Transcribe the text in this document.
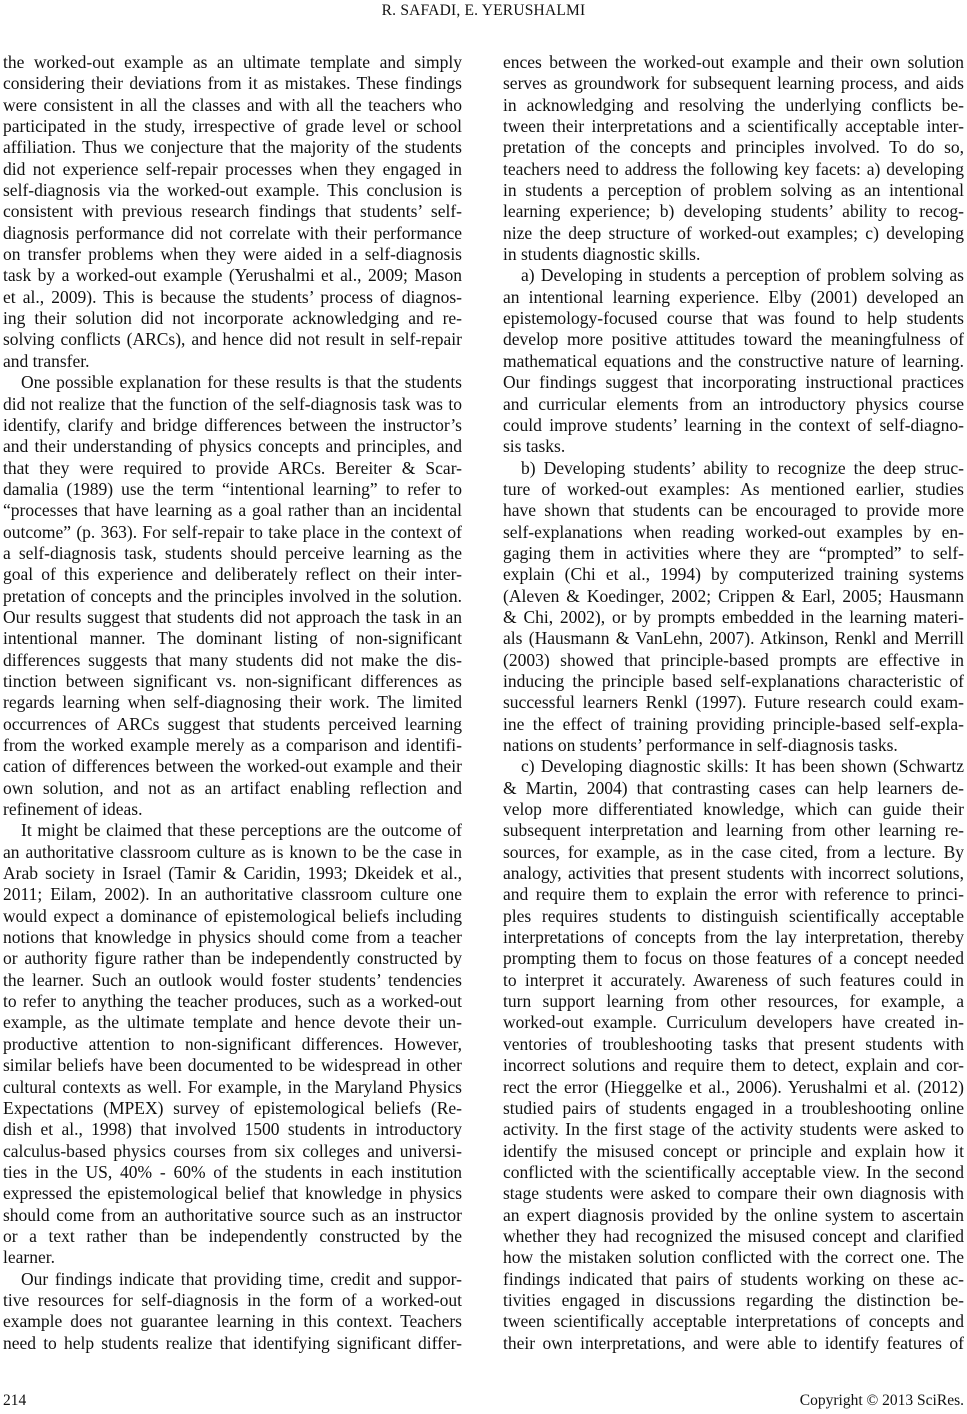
R. SAFADI, E. YERUSHALMI
the worked-out example as an ultimate template and simply
considering their deviations from it as mistakes. These findings
were consistent in all the classes and with all the teachers who
participated in the study, irrespective of grade level or school
affiliation. Thus we conjecture that the majority of the students
did not experience self-repair processes when they engaged in
self-diagnosis via the worked-out example. This conclusion is
consistent with previous research findings that students’ self-
diagnosis performance did not correlate with their performance
on transfer problems when they were aided in a self-diagnosis
task by a worked-out example (Yerushalmi et al., 2009; Mason
et al., 2009). This is because the students’ process of diagnos-
ing their solution did not incorporate acknowledging and re-
solving conflicts (ARCs), and hence did not result in self-repair
and transfer.
One possible explanation for these results is that the students
did not realize that the function of the self-diagnosis task was to
identify, clarify and bridge differences between the instructor’s
and their understanding of physics concepts and principles, and
that they were required to provide ARCs. Bereiter & Scar-
damalia (1989) use the term “intentional learning” to refer to
“processes that have learning as a goal rather than an incidental
outcome” (p. 363). For self-repair to take place in the context of
a self-diagnosis task, students should perceive learning as the
goal of this experience and deliberately reflect on their inter-
pretation of concepts and the principles involved in the solution.
Our results suggest that students did not approach the task in an
intentional manner. The dominant listing of non-significant
differences suggests that many students did not make the dis-
tinction between significant vs. non-significant differences as
regards learning when self-diagnosing their work. The limited
occurrences of ARCs suggest that students perceived learning
from the worked example merely as a comparison and identifi-
cation of differences between the worked-out example and their
own solution, and not as an artifact enabling reflection and
refinement of ideas.
It might be claimed that these perceptions are the outcome of
an authoritative classroom culture as is known to be the case in
Arab society in Israel (Tamir & Caridin, 1993; Dkeidek et al.,
2011; Eilam, 2002). In an authoritative classroom culture one
would expect a dominance of epistemological beliefs including
notions that knowledge in physics should come from a teacher
or authority figure rather than be independently constructed by
the learner. Such an outlook would foster students’ tendencies
to refer to anything the teacher produces, such as a worked-out
example, as the ultimate template and hence devote their un-
productive attention to non-significant differences. However,
similar beliefs have been documented to be widespread in other
cultural contexts as well. For example, in the Maryland Physics
Expectations (MPEX) survey of epistemological beliefs (Re-
dish et al., 1998) that involved 1500 students in introductory
calculus-based physics courses from six colleges and universi-
ties in the US, 40% - 60% of the students in each institution
expressed the epistemological belief that knowledge in physics
should come from an authoritative source such as an instructor
or a text rather than be independently constructed by the
learner.
Our findings indicate that providing time, credit and suppor-
tive resources for self-diagnosis in the form of a worked-out
example does not guarantee learning in this context. Teachers
need to help students realize that identifying significant differ-
ences between the worked-out example and their own solution
serves as groundwork for subsequent learning process, and aids
in acknowledging and resolving the underlying conflicts be-
tween their interpretations and a scientifically acceptable inter-
pretation of the concepts and principles involved. To do so,
teachers need to address the following key facets: a) developing
in students a perception of problem solving as an intentional
learning experience; b) developing students’ ability to recog-
nize the deep structure of worked-out examples; c) developing
in students diagnostic skills.
a) Developing in students a perception of problem solving as
an intentional learning experience. Elby (2001) developed an
epistemology-focused course that was found to help students
develop more positive attitudes toward the meaningfulness of
mathematical equations and the constructive nature of learning.
Our findings suggest that incorporating instructional practices
and curricular elements from an introductory physics course
could improve students’ learning in the context of self-diagno-
sis tasks.
b) Developing students’ ability to recognize the deep struc-
ture of worked-out examples: As mentioned earlier, studies
have shown that students can be encouraged to provide more
self-explanations when reading worked-out examples by en-
gaging them in activities where they are “prompted” to self-
explain (Chi et al., 1994) by computerized training systems
(Aleven & Koedinger, 2002; Crippen & Earl, 2005; Hausmann
& Chi, 2002), or by prompts embedded in the learning materi-
als (Hausmann & VanLehn, 2007). Atkinson, Renkl and Merrill
(2003) showed that principle-based prompts are effective in
inducing the principle based self-explanations characteristic of
successful learners Renkl (1997). Future research could exam-
ine the effect of training providing principle-based self-expla-
nations on students’ performance in self-diagnosis tasks.
c) Developing diagnostic skills: It has been shown (Schwartz
& Martin, 2004) that contrasting cases can help learners de-
velop more differentiated knowledge, which can guide their
subsequent interpretation and learning from other learning re-
sources, for example, as in the case cited, from a lecture. By
analogy, activities that present students with incorrect solutions,
and require them to explain the error with reference to princi-
ples requires students to distinguish scientifically acceptable
interpretations of concepts from the lay interpretation, thereby
prompting them to focus on those features of a concept needed
to interpret it accurately. Awareness of such features could in
turn support learning from other resources, for example, a
worked-out example. Curriculum developers have created in-
ventories of troubleshooting tasks that present students with
incorrect solutions and require them to detect, explain and cor-
rect the error (Hieggelke et al., 2006). Yerushalmi et al. (2012)
studied pairs of students engaged in a troubleshooting online
activity. In the first stage of the activity students were asked to
identify the misused concept or principle and explain how it
conflicted with the scientifically acceptable view. In the second
stage students were asked to compare their own diagnosis with
an expert diagnosis provided by the online system to ascertain
whether they had recognized the misused concept and clarified
how the mistaken solution conflicted with the correct one. The
findings indicated that pairs of students working on these ac-
tivities engaged in discussions regarding the distinction be-
tween scientifically acceptable interpretations of concepts and
their own interpretations, and were able to identify features of
214	Copyright © 2013 SciRes.
